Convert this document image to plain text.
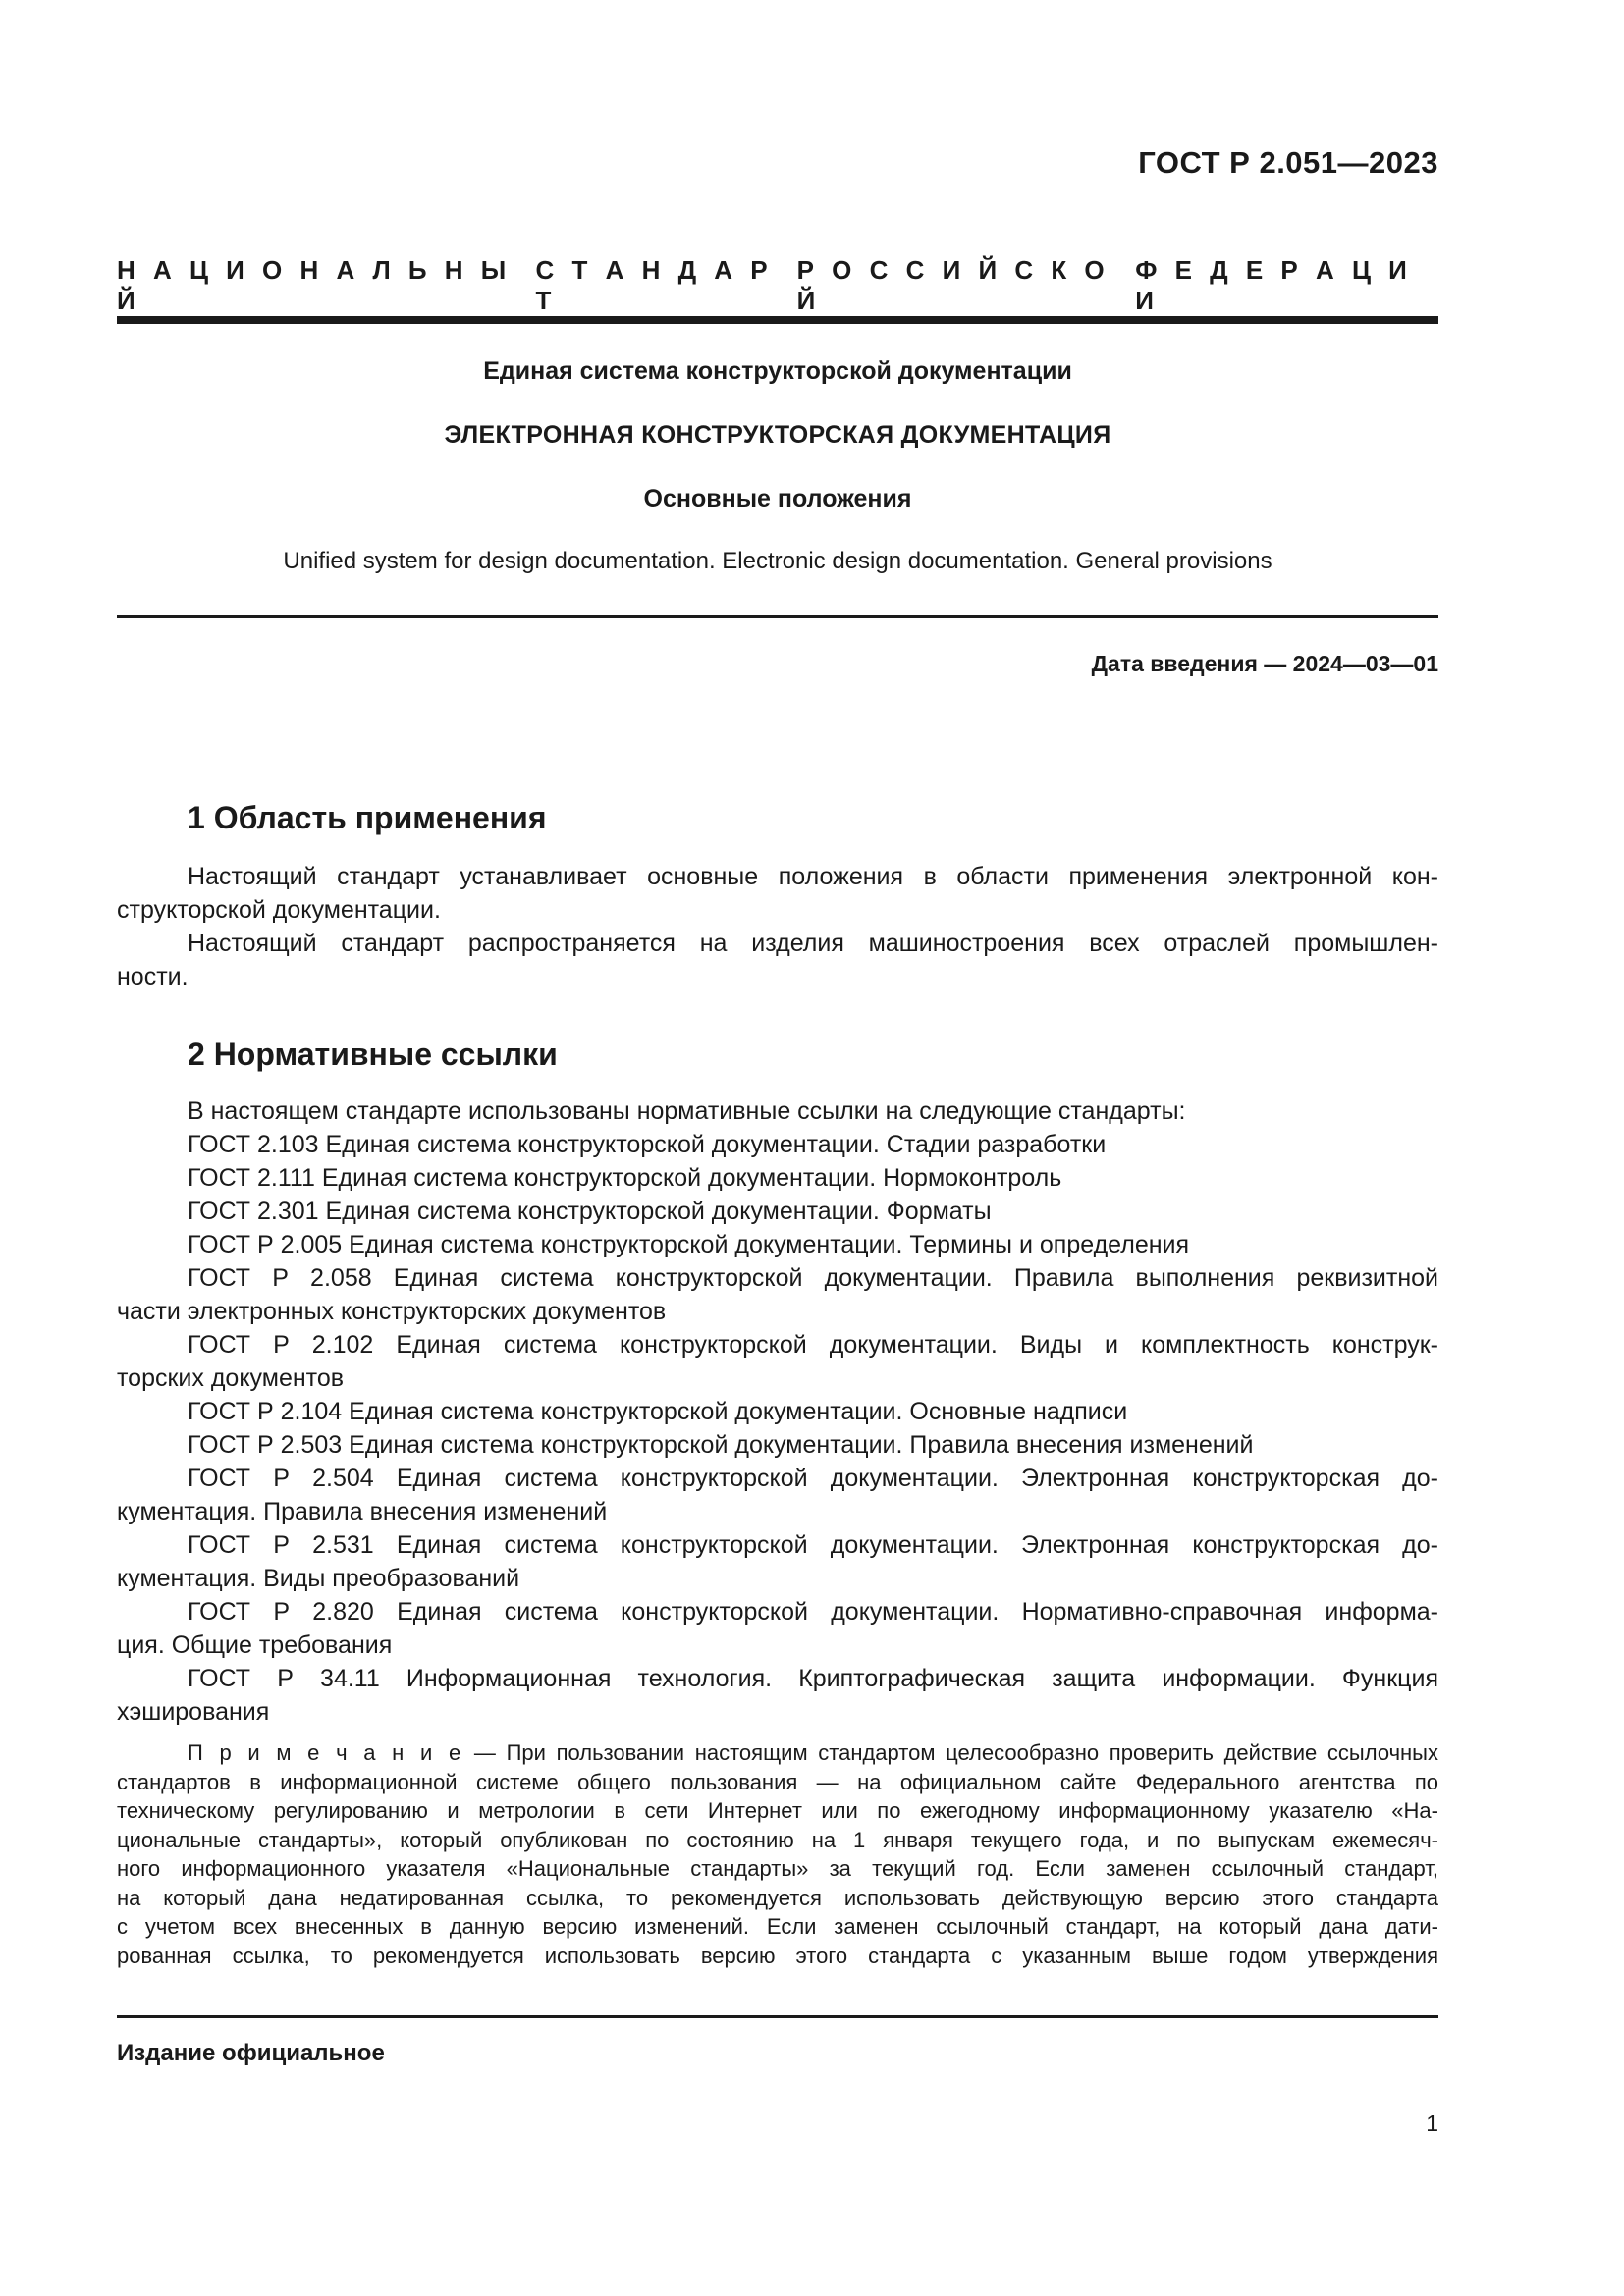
ГОСТ Р 2.051—2023
Н  А  Ц  И  О  Н  А  Л  Ь  Н  Ы  Й
С  Т  А  Н  Д  А  Р  Т
Р  О  С  С  И  Й  С  К  О  Й
Ф  Е  Д  Е  Р  А  Ц  И  И
Единая система конструкторской документации
ЭЛЕКТРОННАЯ КОНСТРУКТОРСКАЯ ДОКУМЕНТАЦИЯ
Основные положения
Unified system for design documentation. Electronic design documentation. General provisions
Дата введения — 2024—03—01
1 Область применения
Настоящий стандарт устанавливает основные положения в области применения электронной кон-
структорской документации.
Настоящий стандарт распространяется на изделия машиностроения всех отраслей промышлен-
ности.
2 Нормативные ссылки
В настоящем стандарте использованы нормативные ссылки на следующие стандарты:
ГОСТ 2.103 Единая система конструкторской документации. Стадии разработки
ГОСТ 2.111 Единая система конструкторской документации. Нормоконтроль
ГОСТ 2.301 Единая система конструкторской документации. Форматы
ГОСТ Р 2.005 Единая система конструкторской документации. Термины и определения
ГОСТ Р 2.058 Единая система конструкторской документации. Правила выполнения реквизитной
части электронных конструкторских документов
ГОСТ Р 2.102 Единая система конструкторской документации. Виды и комплектность конструк-
торских документов
ГОСТ Р 2.104 Единая система конструкторской документации. Основные надписи
ГОСТ Р 2.503 Единая система конструкторской документации. Правила внесения изменений
ГОСТ Р 2.504 Единая система конструкторской документации. Электронная конструкторская до-
кументация. Правила внесения изменений
ГОСТ Р 2.531 Единая система конструкторской документации. Электронная конструкторская до-
кументация. Виды преобразований
ГОСТ Р 2.820 Единая система конструкторской документации. Нормативно-справочная информа-
ция. Общие требования
ГОСТ Р 34.11 Информационная технология. Криптографическая защита информации. Функция
хэширования
П р и м е ч а н и е — При пользовании настоящим стандартом целесообразно проверить действие ссылочных
стандартов в информационной системе общего пользования — на официальном сайте Федерального агентства по
техническому регулированию и метрологии в сети Интернет или по ежегодному информационному указателю «На-
циональные стандарты», который опубликован по состоянию на 1 января текущего года, и по выпускам ежемесяч-
ного информационного указателя «Национальные стандарты» за текущий год. Если заменен ссылочный стандарт,
на который дана недатированная ссылка, то рекомендуется использовать действующую версию этого стандарта
с учетом всех внесенных в данную версию изменений. Если заменен ссылочный стандарт, на который дана дати-
рованная ссылка, то рекомендуется использовать версию этого стандарта с указанным выше годом утверждения
Издание официальное
1
